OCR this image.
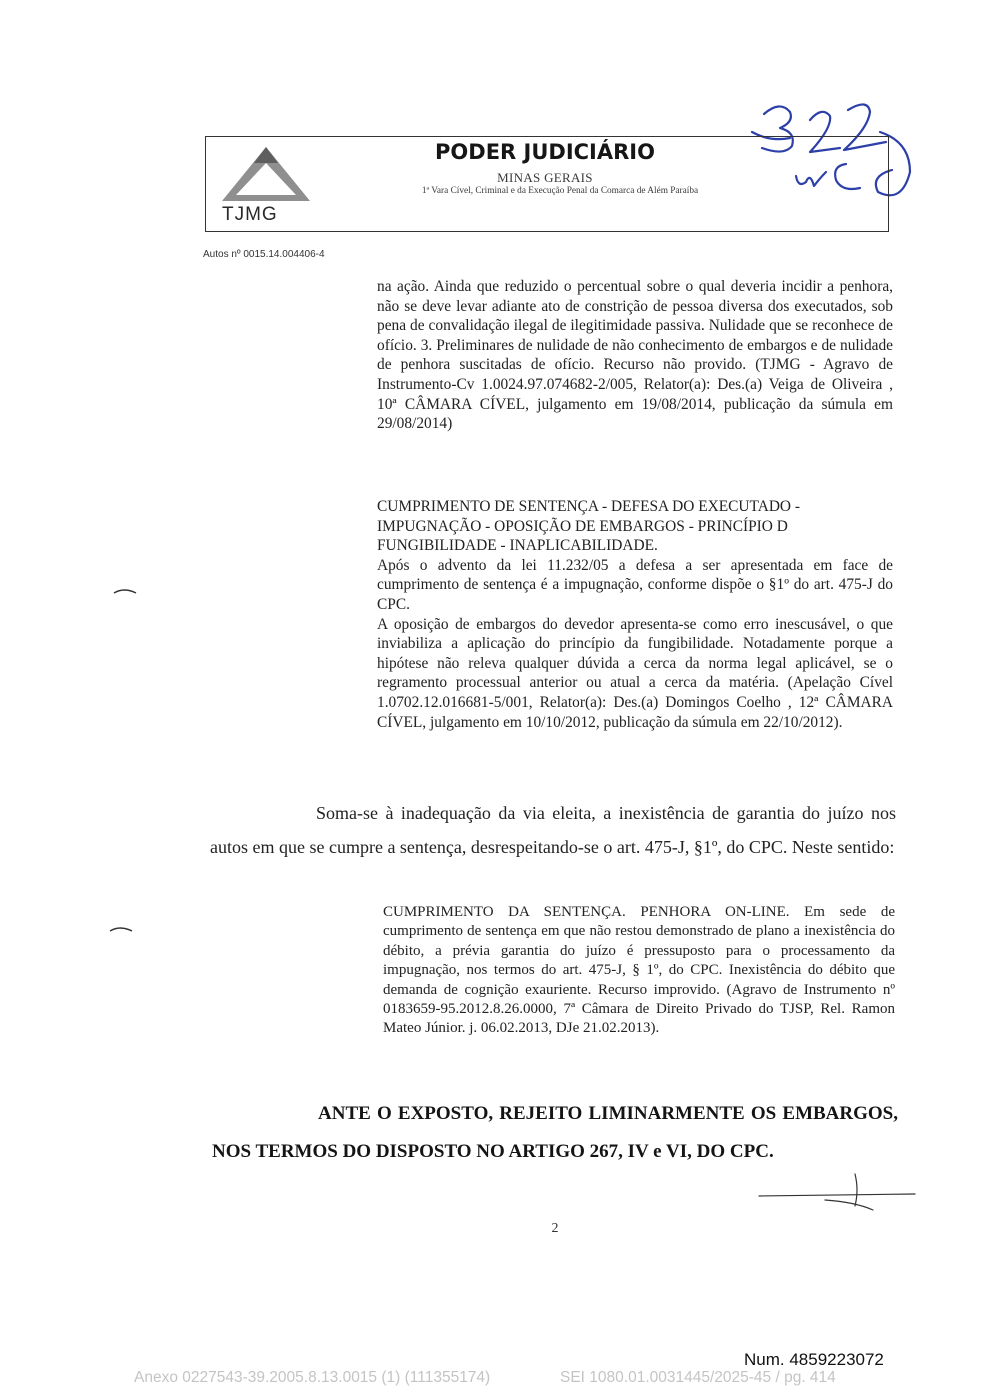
TJMG
PODER JUDICIÁRIO
MINAS GERAIS
1ª Vara Cível, Criminal e da Execução Penal da Comarca de Além Paraíba
Autos nº 0015.14.004406-4

na ação. Ainda que reduzido o percentual sobre o qual deveria incidir a penhora, não se deve levar adiante ato de constrição de pessoa diversa dos executados, sob pena de convalidação ilegal de ilegitimidade passiva. Nulidade que se reconhece de ofício. 3. Preliminares de nulidade de não conhecimento de embargos e de nulidade de penhora suscitadas de ofício. Recurso não provido. (TJMG - Agravo de Instrumento-Cv 1.0024.97.074682-2/005, Relator(a): Des.(a) Veiga de Oliveira , 10ª CÂMARA CÍVEL, julgamento em 19/08/2014, publicação da súmula em 29/08/2014)

CUMPRIMENTO DE SENTENÇA - DEFESA DO EXECUTADO - IMPUGNAÇÃO - OPOSIÇÃO DE EMBARGOS - PRINCÍPIO D FUNGIBILIDADE - INAPLICABILIDADE.

Após o advento da lei 11.232/05 a defesa a ser apresentada em face de cumprimento de sentença é a impugnação, conforme dispõe o §1º do art. 475-J do CPC.

A oposição de embargos do devedor apresenta-se como erro inescusável, o que inviabiliza a aplicação do princípio da fungibilidade. Notadamente porque a hipótese não releva qualquer dúvida a cerca da norma legal aplicável, se o regramento processual anterior ou atual a cerca da matéria. (Apelação Cível 1.0702.12.016681-5/001, Relator(a): Des.(a) Domingos Coelho , 12ª CÂMARA CÍVEL, julgamento em 10/10/2012, publicação da súmula em 22/10/2012).

Soma-se à inadequação da via eleita, a inexistência de garantia do juízo nos autos em que se cumpre a sentença, desrespeitando-se o art. 475-J, §1º, do CPC. Neste sentido:

CUMPRIMENTO DA SENTENÇA. PENHORA ON-LINE. Em sede de cumprimento de sentença em que não restou demonstrado de plano a inexistência do débito, a prévia garantia do juízo é pressuposto para o processamento da impugnação, nos termos do art. 475-J, § 1º, do CPC. Inexistência do débito que demanda de cognição exauriente. Recurso improvido. (Agravo de Instrumento nº 0183659-95.2012.8.26.0000, 7ª Câmara de Direito Privado do TJSP, Rel. Ramon Mateo Júnior. j. 06.02.2013, DJe 21.02.2013).

ANTE O EXPOSTO, REJEITO LIMINARMENTE OS EMBARGOS, NOS TERMOS DO DISPOSTO NO ARTIGO 267, IV e VI, DO CPC.

2
Num. 4859223072
Anexo 0227543-39.2005.8.13.0015 (1) (111355174)	SEI 1080.01.0031445/2025-45 / pg. 414
